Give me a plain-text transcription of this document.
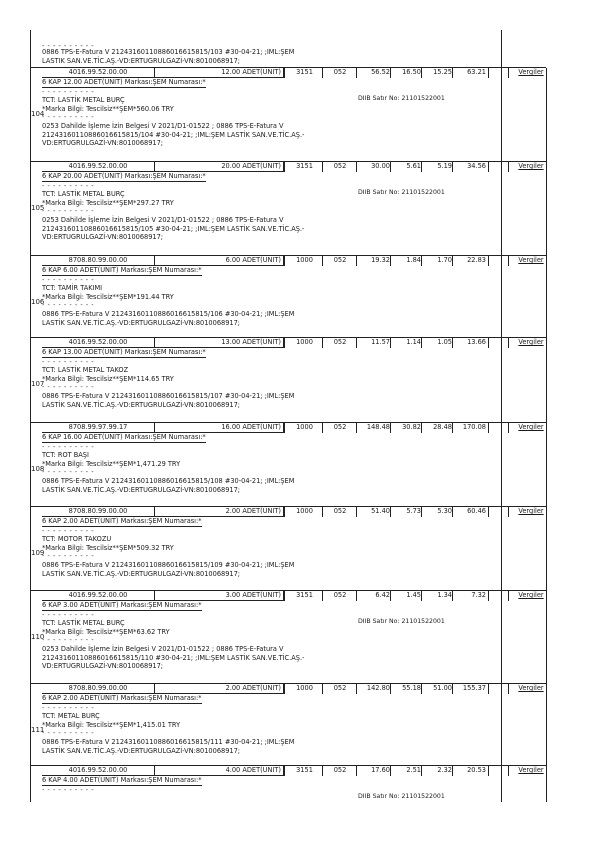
- - - - - - - - - -
0886 TPS-E-Fatura V 21243160110886016615815/103 #30-04-21; ;IML:ŞEM
LASTIK SAN.VE.TİC.AŞ.-VD:ERTUGRULGAZİ-VN:8010068917;
4016.99.52.00.00	12.00 ADET(UNIT)	3151	052	56.52	16.50	15.25	63.21	Vergiler
6 KAP 12.00 ADET(UNIT) Markası:ŞEM Numarası:*
- - - - - - - - - -
TCT: LASTİK METAL BURÇ
*Marka Bilgi: Tescilsiz**ŞEM*560.06 TRY
- - - - - - - - - -
0253 Dahilde İşleme İzin Belgesi V 2021/D1-01522 ; 0886 TPS-E-Fatura V
21243160110886016615815/104 #30-04-21; ;IML:ŞEM LASTİK SAN.VE.TİC.AŞ.-
VD:ERTUGRULGAZİ-VN:8010068917;
104
DIIB Satır No: 21101522001
4016.99.52.00.00	20.00 ADET(UNIT)	3151	052	30.00	5.61	5.19	34.56	Vergiler
6 KAP 20.00 ADET(UNIT) Markası:ŞEM Numarası:*
- - - - - - - - - -
TCT: LASTİK METAL BURÇ
*Marka Bilgi: Tescilsiz**ŞEM*297.27 TRY
- - - - - - - - - -
0253 Dahilde İşleme İzin Belgesi V 2021/D1-01522 ; 0886 TPS-E-Fatura V
21243160110886016615815/105 #30-04-21; ;IML:ŞEM LASTİK SAN.VE.TİC.AŞ.-
VD:ERTUGRULGAZİ-VN:8010068917;
105
DIIB Satır No: 21101522001
8708.80.99.00.00	6.00 ADET(UNIT)	1000	052	19.32	1.84	1.70	22.83	Vergiler
6 KAP 6.00 ADET(UNIT) Markası:ŞEM Numarası:*
- - - - - - - - - -
TCT: TAMİR TAKIMI
*Marka Bilgi: Tescilsiz**ŞEM*191.44 TRY
- - - - - - - - - -
0886 TPS-E-Fatura V 21243160110886016615815/106 #30-04-21; ;IML:ŞEM
LASTİK SAN.VE.TİC.AŞ.-VD:ERTUGRULGAZİ-VN:8010068917;
106
4016.99.52.00.00	13.00 ADET(UNIT)	1000	052	11.57	1.14	1.05	13.66	Vergiler
6 KAP 13.00 ADET(UNIT) Markası:ŞEM Numarası:*
- - - - - - - - - -
TCT: LASTİK METAL TAKOZ
*Marka Bilgi: Tescilsiz**ŞEM*114.65 TRY
- - - - - - - - - -
0886 TPS-E-Fatura V 21243160110886016615815/107 #30-04-21; ;IML:ŞEM
LASTİK SAN.VE.TİC.AŞ.-VD:ERTUGRULGAZİ-VN:8010068917;
107
8708.99.97.99.17	16.00 ADET(UNIT)	1000	052	148.48	30.82	28.48	170.08	Vergiler
6 KAP 16.00 ADET(UNIT) Markası:ŞEM Numarası:*
- - - - - - - - - -
TCT: ROT BAŞI
*Marka Bilgi: Tescilsiz**ŞEM*1,471.29 TRY
- - - - - - - - - -
0886 TPS-E-Fatura V 21243160110886016615815/108 #30-04-21; ;IML:ŞEM
LASTİK SAN.VE.TİC.AŞ.-VD:ERTUGRULGAZİ-VN:8010068917;
108
8708.80.99.00.00	2.00 ADET(UNIT)	1000	052	51.40	5.73	5.30	60.46	Vergiler
6 KAP 2.00 ADET(UNIT) Markası:ŞEM Numarası:*
- - - - - - - - - -
TCT: MOTOR TAKOZU
*Marka Bilgi: Tescilsiz**ŞEM*509.32 TRY
- - - - - - - - - -
0886 TPS-E-Fatura V 21243160110886016615815/109 #30-04-21; ;IML:ŞEM
LASTİK SAN.VE.TİC.AŞ.-VD:ERTUGRULGAZİ-VN:8010068917;
109
4016.99.52.00.00	3.00 ADET(UNIT)	3151	052	6.42	1.45	1.34	7.32	Vergiler
6 KAP 3.00 ADET(UNIT) Markası:ŞEM Numarası:*
- - - - - - - - - -
TCT: LASTİK METAL BURÇ
*Marka Bilgi: Tescilsiz**ŞEM*63.62 TRY
- - - - - - - - - -
0253 Dahilde İşleme İzin Belgesi V 2021/D1-01522 ; 0886 TPS-E-Fatura V
21243160110886016615815/110 #30-04-21; ;IML:ŞEM LASTİK SAN.VE.TİC.AŞ.-
VD:ERTUGRULGAZİ-VN:8010068917;
110
DIIB Satır No: 21101522001
8708.80.99.00.00	2.00 ADET(UNIT)	1000	052	142.80	55.18	51.00	155.37	Vergiler
6 KAP 2.00 ADET(UNIT) Markası:ŞEM Numarası:*
- - - - - - - - - -
TCT: METAL BURÇ
*Marka Bilgi: Tescilsiz**ŞEM*1,415.01 TRY
- - - - - - - - - -
0886 TPS-E-Fatura V 21243160110886016615815/111 #30-04-21; ;IML:ŞEM
LASTİK SAN.VE.TİC.AŞ.-VD:ERTUGRULGAZİ-VN:8010068917;
111
4016.99.52.00.00	4.00 ADET(UNIT)	3151	052	17.60	2.51	2.32	20.53	Vergiler
6 KAP 4.00 ADET(UNIT) Markası:ŞEM Numarası:*
- - - - - - - - - -
DIIB Satır No: 21101522001
